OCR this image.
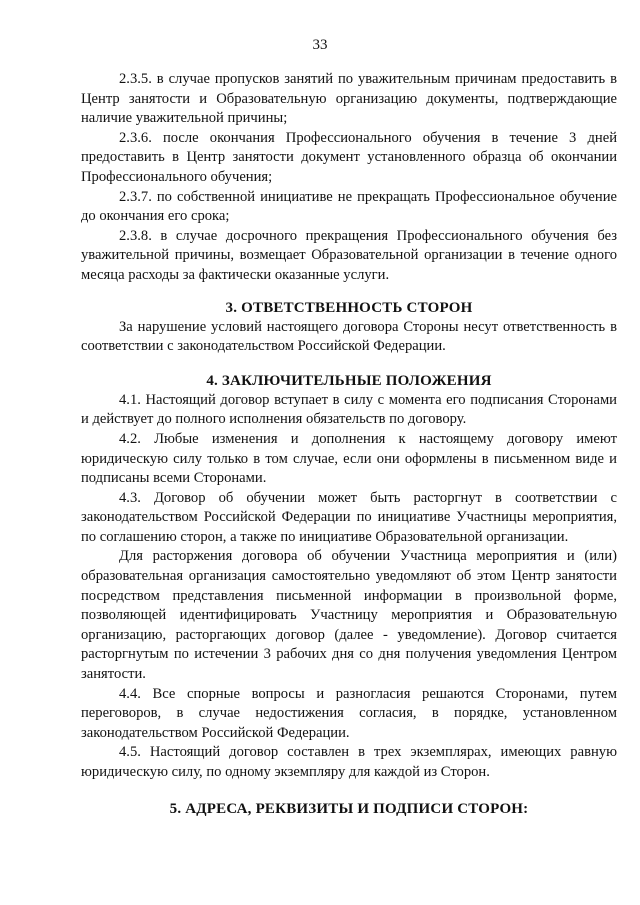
33

2.3.5. в случае пропусков занятий по уважительным причинам предоставить в Центр занятости и Образовательную организацию документы, подтверждающие наличие уважительной причины;

2.3.6. после окончания Профессионального обучения в течение 3 дней предоставить в Центр занятости документ установленного образца об окончании Профессионального обучения;

2.3.7. по собственной инициативе не прекращать Профессиональное обучение до окончания его срока;

2.3.8. в случае досрочного прекращения Профессионального обучения без уважительной причины, возмещает Образовательной организации в течение одного месяца расходы за фактически оказанные услуги.

3. ОТВЕТСТВЕННОСТЬ СТОРОН

За нарушение условий настоящего договора Стороны несут ответственность в соответствии с законодательством Российской Федерации.

4. ЗАКЛЮЧИТЕЛЬНЫЕ ПОЛОЖЕНИЯ

4.1. Настоящий договор вступает в силу с момента его подписания Сторонами и действует до полного исполнения обязательств по договору.

4.2. Любые изменения и дополнения к настоящему договору имеют юридическую силу только в том случае, если они оформлены в письменном виде и подписаны всеми Сторонами.

4.3. Договор об обучении может быть расторгнут в соответствии с законодательством Российской Федерации по инициативе Участницы мероприятия, по соглашению сторон, а также по инициативе Образовательной организации.

Для расторжения договора об обучении Участница мероприятия и (или) образовательная организация самостоятельно уведомляют об этом Центр занятости посредством представления письменной информации в произвольной форме, позволяющей идентифицировать Участницу мероприятия и Образовательную организацию, расторгающих договор (далее - уведомление). Договор считается расторгнутым по истечении 3 рабочих дня со дня получения уведомления Центром занятости.

4.4. Все спорные вопросы и разногласия решаются Сторонами, путем переговоров, в случае недостижения согласия, в порядке, установленном законодательством Российской Федерации.

4.5. Настоящий договор составлен в трех экземплярах, имеющих равную юридическую силу, по одному экземпляру для каждой из Сторон.

5. АДРЕСА, РЕКВИЗИТЫ И ПОДПИСИ СТОРОН:
